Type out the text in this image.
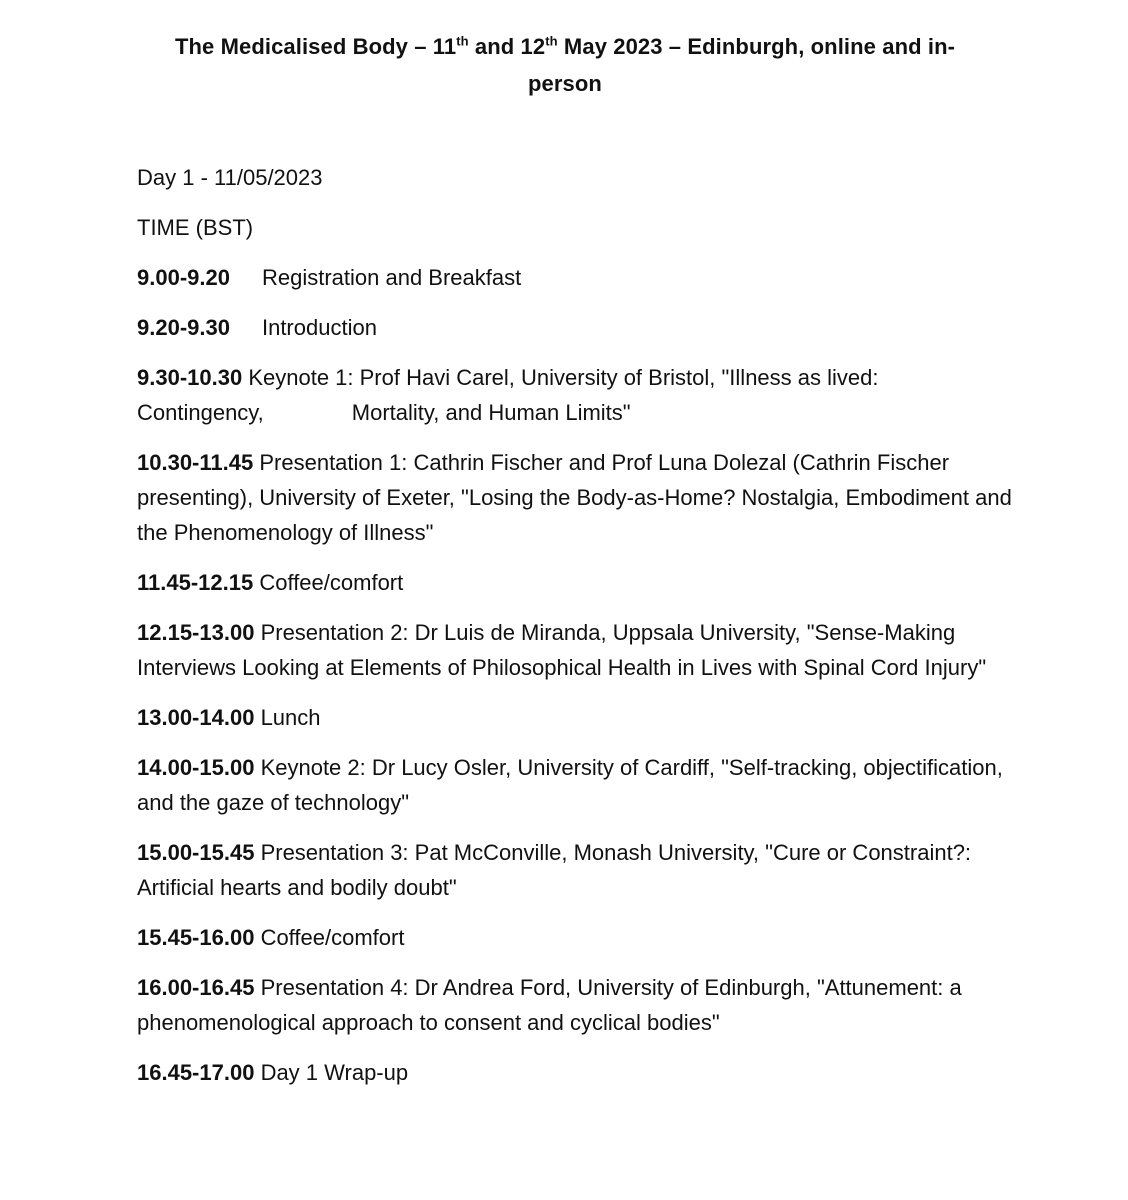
The Medicalised Body – 11th and 12th May 2023 – Edinburgh, online and in-
person
Day 1 - 11/05/2023
TIME (BST)
9.00-9.20 Registration and Breakfast
9.20-9.30 Introduction
9.30-10.30 Keynote 1: Prof Havi Carel, University of Bristol, "Illness as lived:
Contingency,	Mortality, and Human Limits"
10.30-11.45 Presentation 1: Cathrin Fischer and Prof Luna Dolezal (Cathrin Fischer presenting), University of Exeter, "Losing the Body-as-Home? Nostalgia, Embodiment and the Phenomenology of Illness"
11.45-12.15 Coffee/comfort
12.15-13.00 Presentation 2: Dr Luis de Miranda, Uppsala University, "Sense-Making Interviews Looking at Elements of Philosophical Health in Lives with Spinal Cord Injury"
13.00-14.00 Lunch
14.00-15.00 Keynote 2: Dr Lucy Osler, University of Cardiff, "Self-tracking, objectification, and the gaze of technology"
15.00-15.45 Presentation 3: Pat McConville, Monash University, "Cure or Constraint?: Artificial hearts and bodily doubt"
15.45-16.00 Coffee/comfort
16.00-16.45 Presentation 4: Dr Andrea Ford, University of Edinburgh, "Attunement: a phenomenological approach to consent and cyclical bodies"
16.45-17.00 Day 1 Wrap-up
